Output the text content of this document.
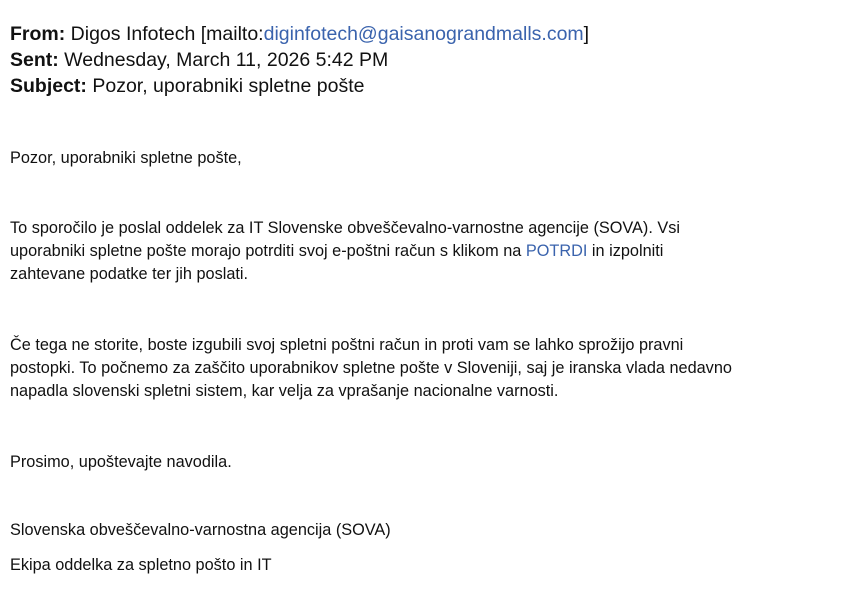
From: Digos Infotech [mailto:diginfotech@gaisanograndmalls.com]
Sent: Wednesday, March 11, 2026 5:42 PM
Subject: Pozor, uporabniki spletne pošte
Pozor, uporabniki spletne pošte,
To sporočilo je poslal oddelek za IT Slovenske obveščevalno-varnostne agencije (SOVA). Vsi
uporabniki spletne pošte morajo potrditi svoj e-poštni račun s klikom na POTRDI in izpolniti
zahtevane podatke ter jih poslati.
Če tega ne storite, boste izgubili svoj spletni poštni račun in proti vam se lahko sprožijo pravni
postopki. To počnemo za zaščito uporabnikov spletne pošte v Sloveniji, saj je iranska vlada nedavno
napadla slovenski spletni sistem, kar velja za vprašanje nacionalne varnosti.
Prosimo, upoštevajte navodila.
Slovenska obveščevalno-varnostna agencija (SOVA)
Ekipa oddelka za spletno pošto in IT
